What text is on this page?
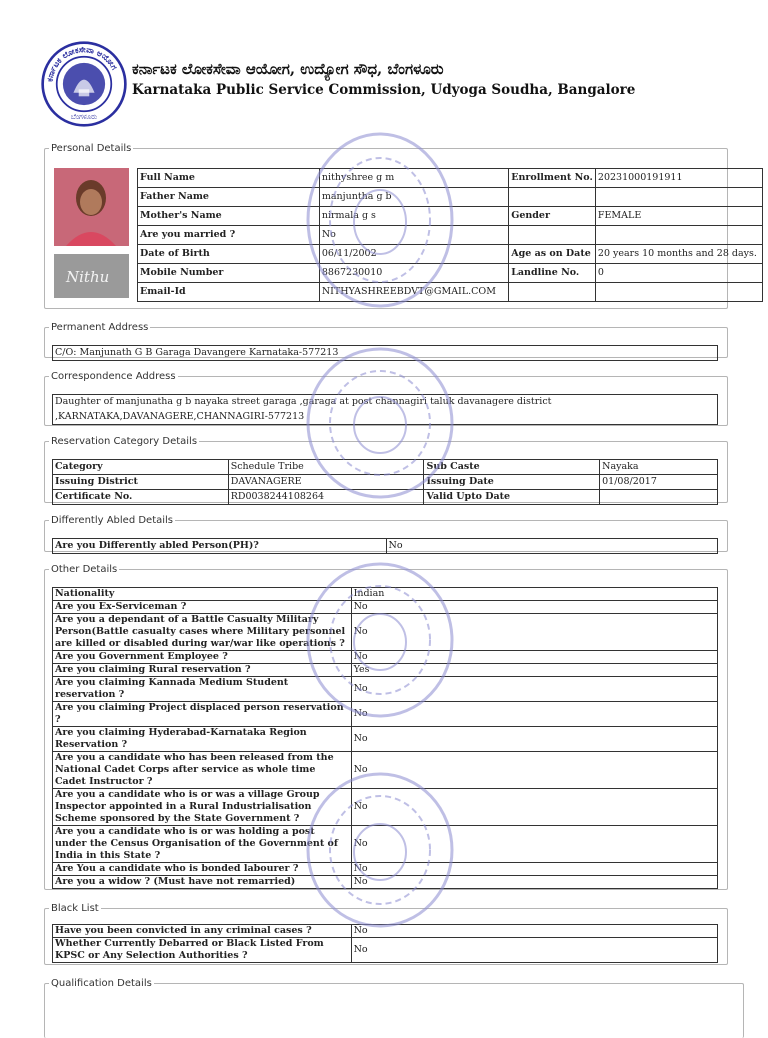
ಕರ್ನಾಟಕ ಲೋಕಸೇವಾ ಆಯೋಗ
ಬೆಂಗಳೂರು
ಕರ್ನಾಟಕ ಲೋಕಸೇವಾ ಆಯೋಗ, ಉದ್ಯೋಗ ಸೌಧ, ಬೆಂಗಳೂರು
Karnataka Public Service Commission, Udyoga Soudha, Bangalore
Personal Details
Nithu
Full Name	nithyshree g m	Enrollment No.	20231000191911
Father Name	manjuntha g b		
Mother's Name	nirmala g s	Gender	FEMALE
Are you married ?	No		
Date of Birth	06/11/2002	Age as on Date	20 years 10 months and 28 days.
Mobile Number	8867230010	Landline No.	0
Email-Id	NITHYASHREEBDVT@GMAIL.COM		
Permanent Address
C/O: Manjunath G B Garaga Davangere Karnataka-577213
Correspondence Address
Daughter of manjunatha g b nayaka street garaga ,garaga at post channagiri taluk davanagere district
,KARNATAKA,DAVANAGERE,CHANNAGIRI-577213
Reservation Category Details
Category	Schedule Tribe	Sub Caste	Nayaka
Issuing District	DAVANAGERE	Issuing Date	01/08/2017
Certificate No.	RD0038244108264	Valid Upto Date	
Differently Abled Details
Are you Differently abled Person(PH)?	No
Other Details
Nationality	Indian
Are you Ex-Serviceman ?	No
Are you a dependant of a Battle Casualty Military Person(Battle casualty cases where Military personnel are killed or disabled during war/war like operations ?	No
Are you Government Employee ?	No
Are you claiming Rural reservation ?	Yes
Are you claiming Kannada Medium Student reservation ?	No
Are you claiming Project displaced person reservation ?	No
Are you claiming Hyderabad-Karnataka Region Reservation ?	No
Are you a candidate who has been released from the National Cadet Corps after service as whole time Cadet Instructor ?	No
Are you a candidate who is or was a village Group Inspector appointed in a Rural Industrialisation Scheme sponsored by the State Government ?	No
Are you a candidate who is or was holding a post under the Census Organisation of the Government of India in this State ?	No
Are You a candidate who is bonded labourer ?	No
Are you a widow ? (Must have not remarried)	No
Black List
Have you been convicted in any criminal cases ?	No
Whether Currently Debarred or Black Listed From KPSC or Any Selection Authorities ?	No
Qualification Details
